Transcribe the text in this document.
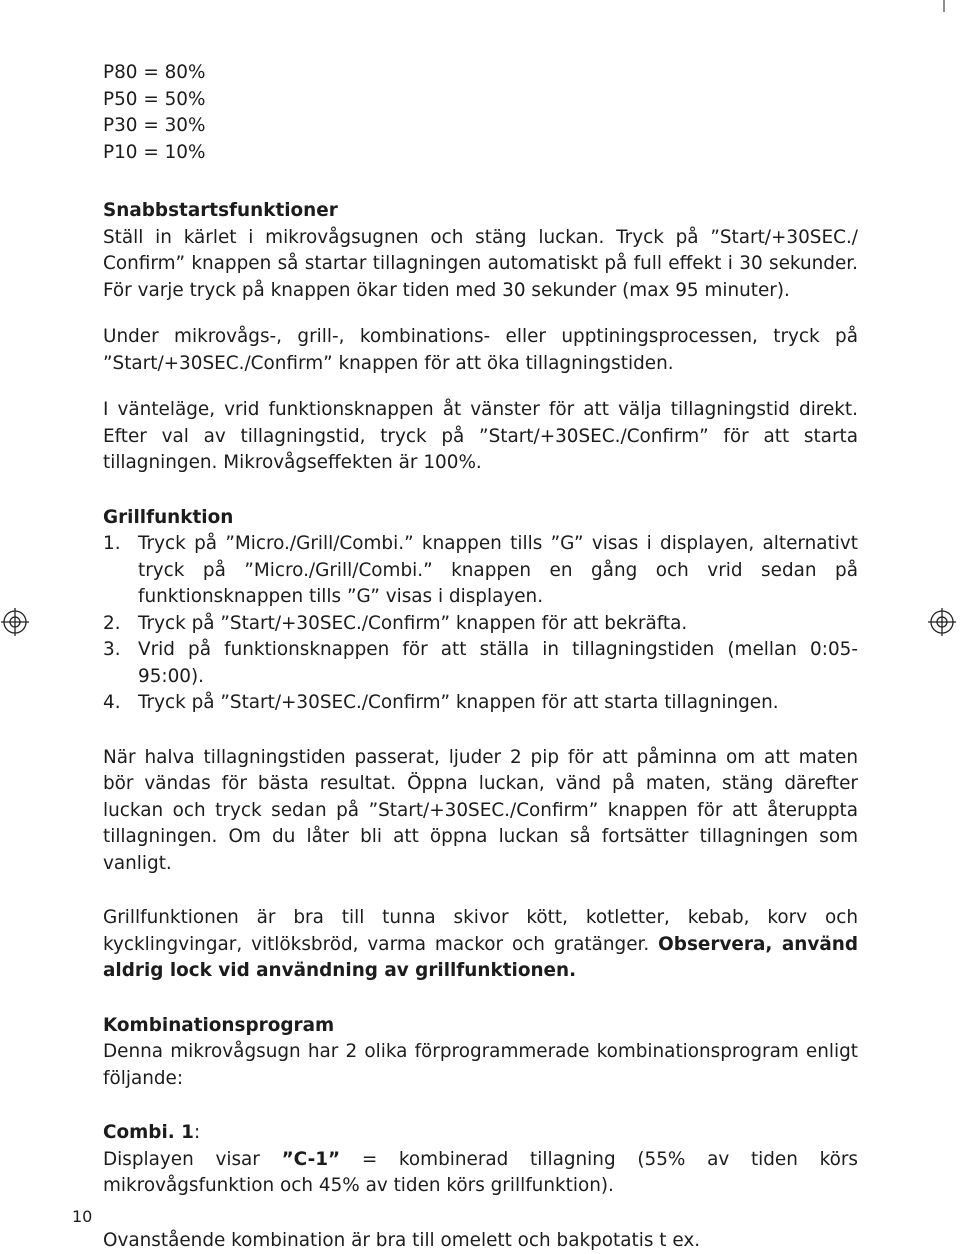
P80 = 80%

P50 = 50%

P30 = 30%

P10 = 10%

Snabbstartsfunktioner

Ställ in kärlet i mikrovågsugnen och stäng luckan. Tryck på ”Start/+30SEC./ Confirm” knappen så startar tillagningen automatiskt på full effekt i 30 sekunder. För varje tryck på knappen ökar tiden med 30 sekunder (max 95 minuter).

Under mikrovågs-, grill-, kombinations- eller upptiningsprocessen, tryck på ”Start/+30SEC./Confirm” knappen för att öka tillagningstiden.

I vänteläge, vrid funktionsknappen åt vänster för att välja tillagningstid direkt. Efter val av tillagningstid, tryck på ”Start/+30SEC./Confirm” för att starta tillagningen. Mikrovågseffekten är 100%.

Grillfunktion

1. Tryck på ”Micro./Grill/Combi.” knappen tills ”G” visas i displayen, alternativt tryck på ”Micro./Grill/Combi.” knappen en gång och vrid sedan på funktionsknappen tills ”G” visas i displayen.
2. Tryck på ”Start/+30SEC./Confirm” knappen för att bekräfta.
3. Vrid på funktionsknappen för att ställa in tillagningstiden (mellan 0:05-95:00).
4. Tryck på ”Start/+30SEC./Confirm” knappen för att starta tillagningen.

När halva tillagningstiden passerat, ljuder 2 pip för att påminna om att maten bör vändas för bästa resultat. Öppna luckan, vänd på maten, stäng därefter luckan och tryck sedan på ”Start/+30SEC./Confirm” knappen för att återuppta tillagningen. Om du låter bli att öppna luckan så fortsätter tillagningen som vanligt.

Grillfunktionen är bra till tunna skivor kött, kotletter, kebab, korv och kycklingvingar, vitlöksbröd, varma mackor och gratänger. Observera, använd aldrig lock vid användning av grillfunktionen.

Kombinationsprogram

Denna mikrovågsugn har 2 olika förprogrammerade kombinationsprogram enligt följande:

Combi. 1:

Displayen visar ”C-1” = kombinerad tillagning (55% av tiden körs mikrovågsfunktion och 45% av tiden körs grillfunktion).

Ovanstående kombination är bra till omelett och bakpotatis t ex.

10
